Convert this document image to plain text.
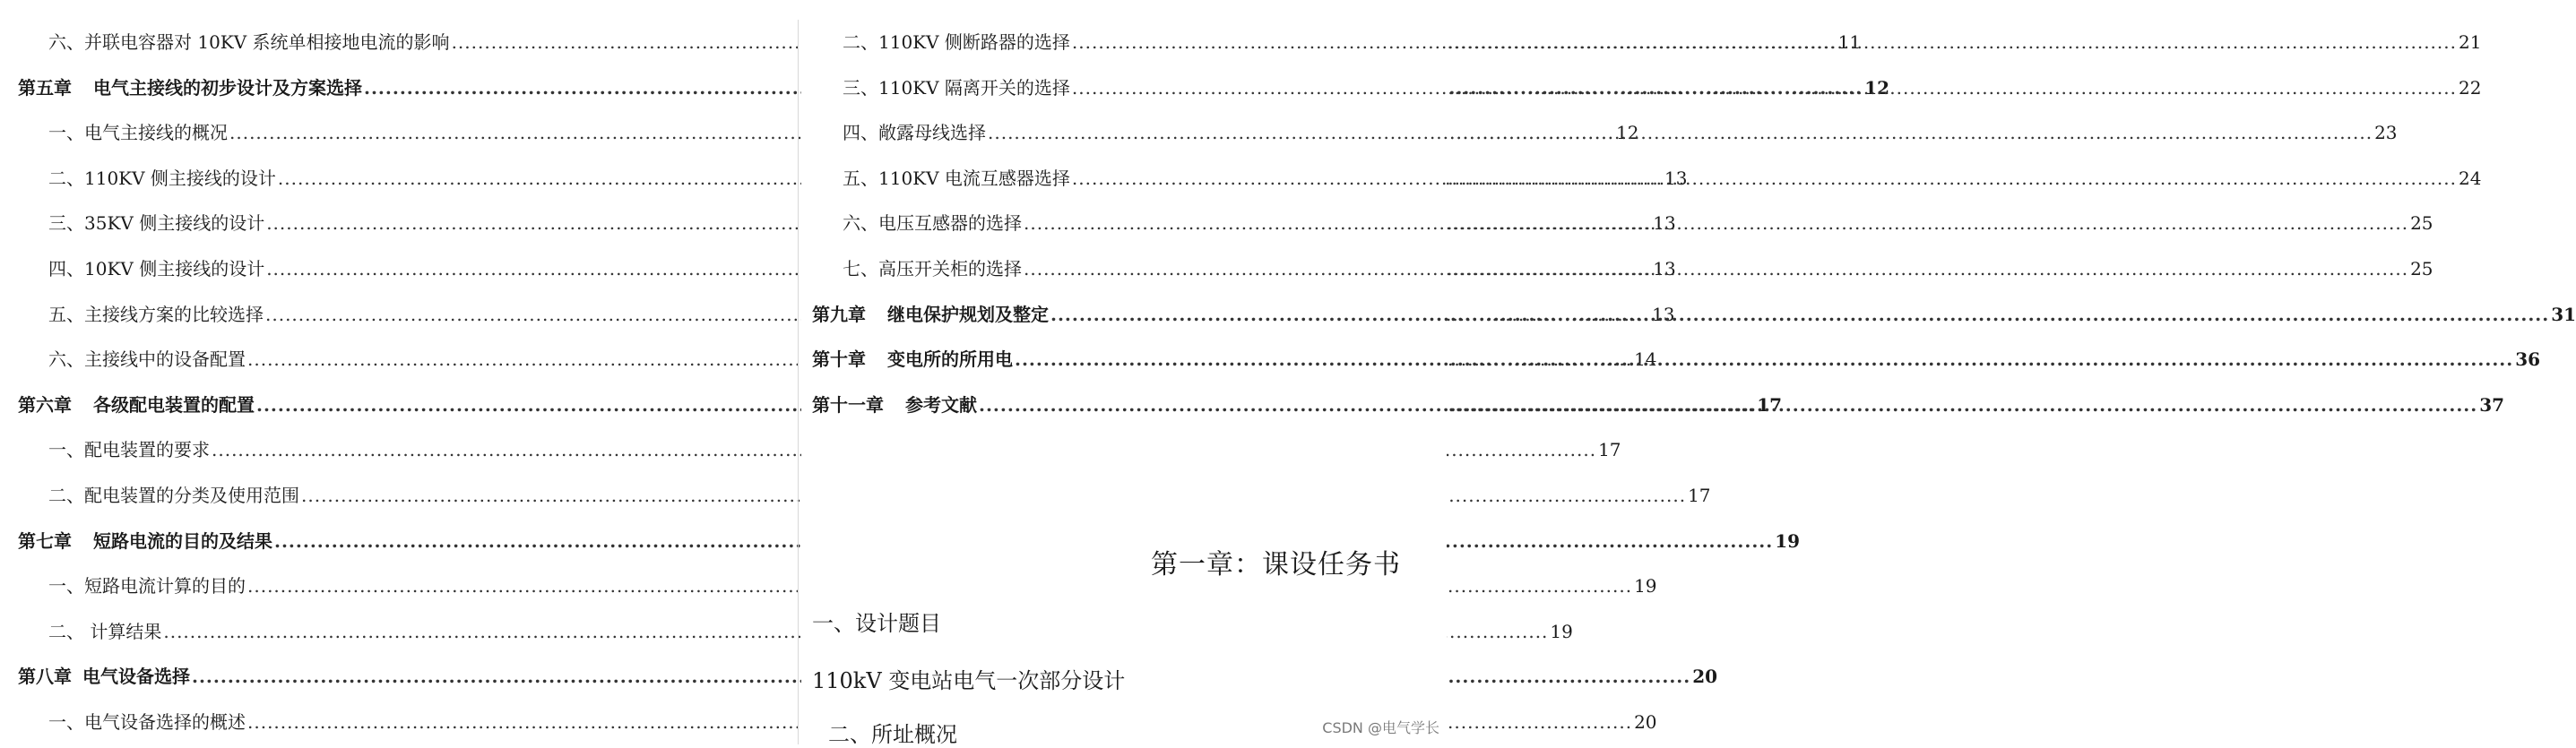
六、并联电容器对 10KV 系统单相接地电流的影响 .....	11
第五章 电气主接线的初步设计及方案选择 .....	12
一、电气主接线的概况 .....	12
二、110KV 侧主接线的设计 .....	13
三、35KV 侧主接线的设计 .....	13
四、10KV 侧主接线的设计 .....	13
五、主接线方案的比较选择 .....	13
六、主接线中的设备配置 .....	14
第六章 各级配电装置的配置 .....	17
一、配电装置的要求 .....	17
二、配电装置的分类及使用范围 .....	17
第七章 短路电流的目的及结果 .....	19
一、短路电流计算的目的 .....	19
二、 计算结果 .....	19
第八章 电气设备选择 .....	20
一、电气设备选择的概述 .....	20
二、110KV 侧断路器的选择 .....	21
三、110KV 隔离开关的选择 .....	22
四、敞露母线选择 .....	23
五、110KV 电流互感器选择 .....	24
六、电压互感器的选择 .....	25
七、高压开关柜的选择 .....	25
第九章 继电保护规划及整定 .....	31
第十章 变电所的所用电 .....	36
第十一章 参考文献 .....	37
第一章：课设任务书
一、设计题目
110kV 变电站电气一次部分设计
二、所址概况	CSDN @电气学长
